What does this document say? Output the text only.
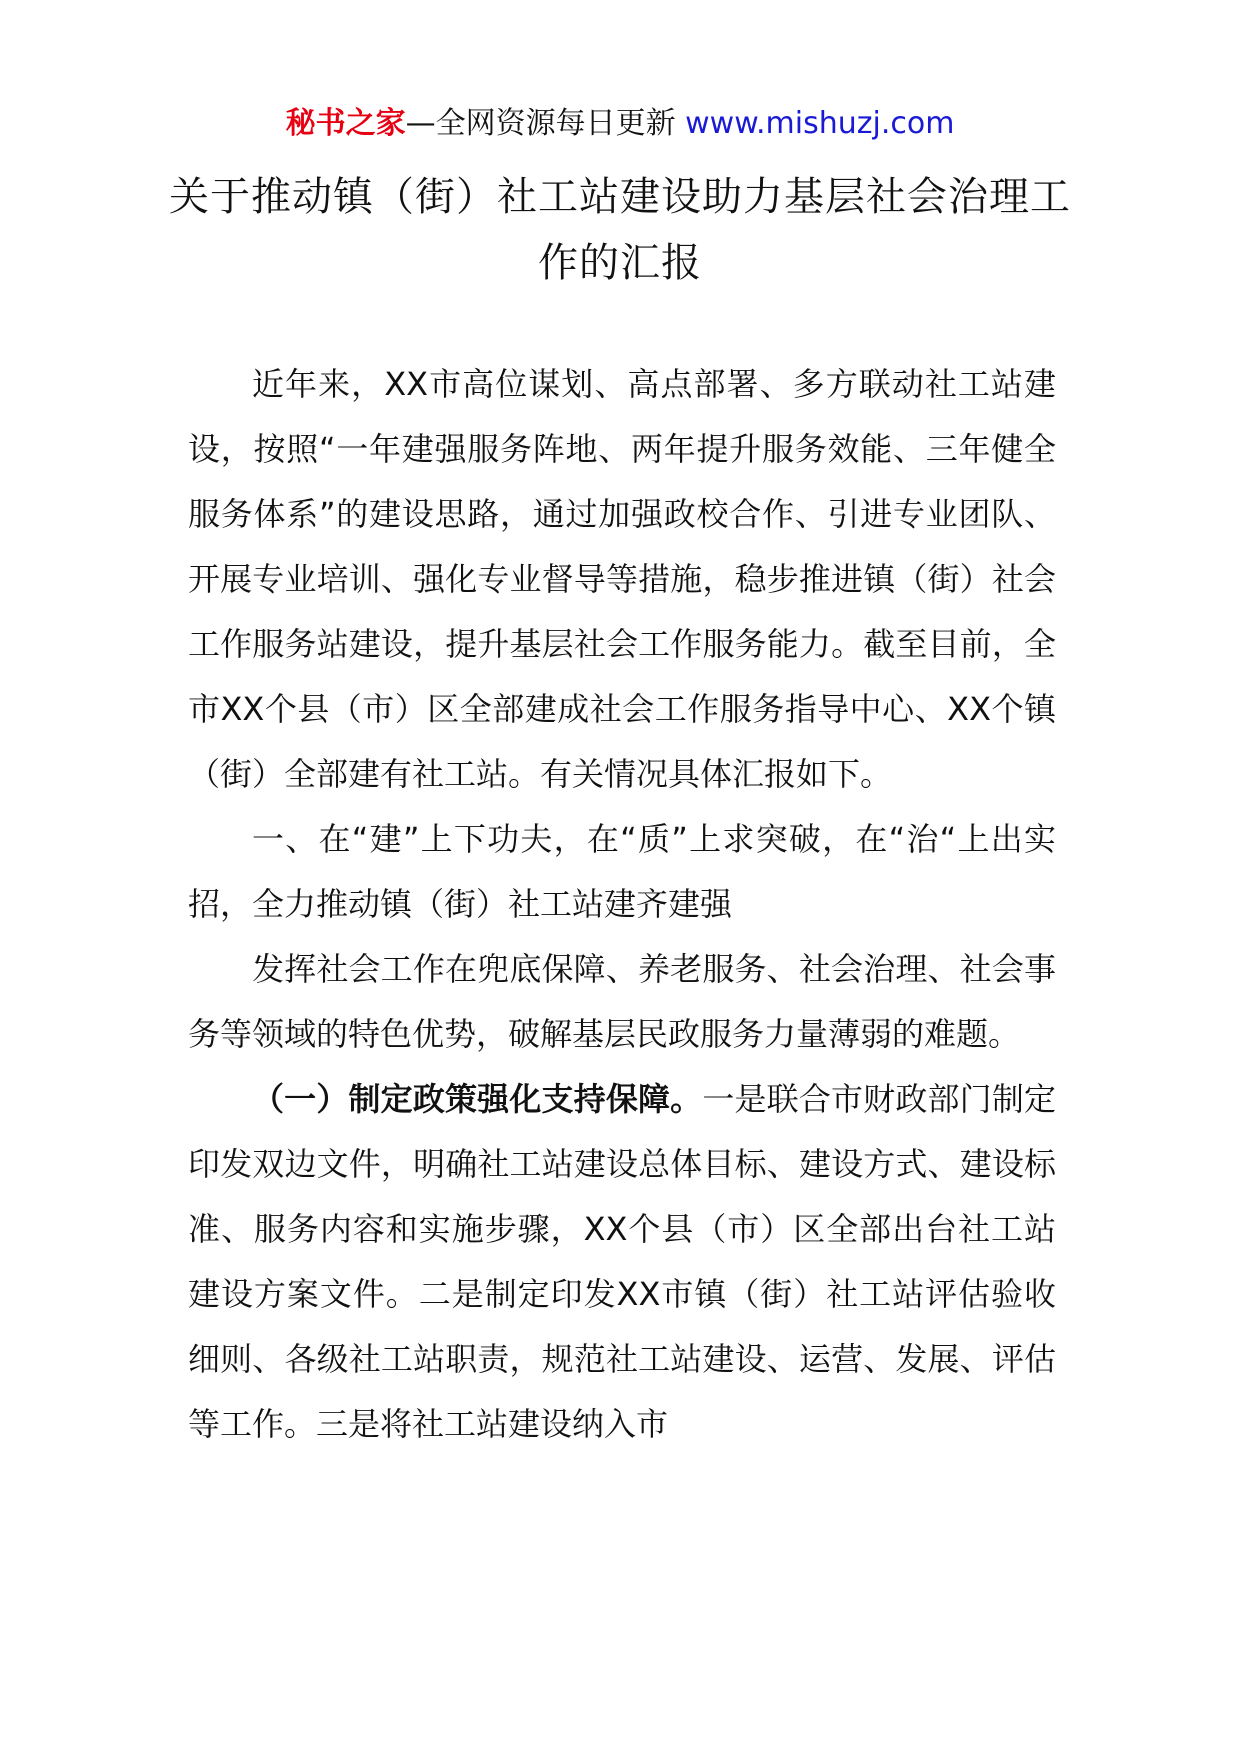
秘书之家—全网资源每日更新 www.mishuzj.com
关于推动镇（街）社工站建设助力基层社会治理工作的汇报

近年来，XX市高位谋划、高点部署、多方联动社工站建设，按照“一年建强服务阵地、两年提升服务效能、三年健全服务体系”的建设思路，通过加强政校合作、引进专业团队、开展专业培训、强化专业督导等措施，稳步推进镇（街）社会工作服务站建设，提升基层社会工作服务能力。截至目前，全市XX个县（市）区全部建成社会工作服务指导中心、XX个镇（街）全部建有社工站。有关情况具体汇报如下。

一、在“建”上下功夫，在“质”上求突破，在“治“上出实招，全力推动镇（街）社工站建齐建强

发挥社会工作在兜底保障、养老服务、社会治理、社会事务等领域的特色优势，破解基层民政服务力量薄弱的难题。

（一）制定政策强化支持保障。一是联合市财政部门制定印发双边文件，明确社工站建设总体目标、建设方式、建设标准、服务内容和实施步骤，XX个县（市）区全部出台社工站建设方案文件。二是制定印发XX市镇（街）社工站评估验收细则、各级社工站职责，规范社工站建设、运营、发展、评估等工作。三是将社工站建设纳入市
